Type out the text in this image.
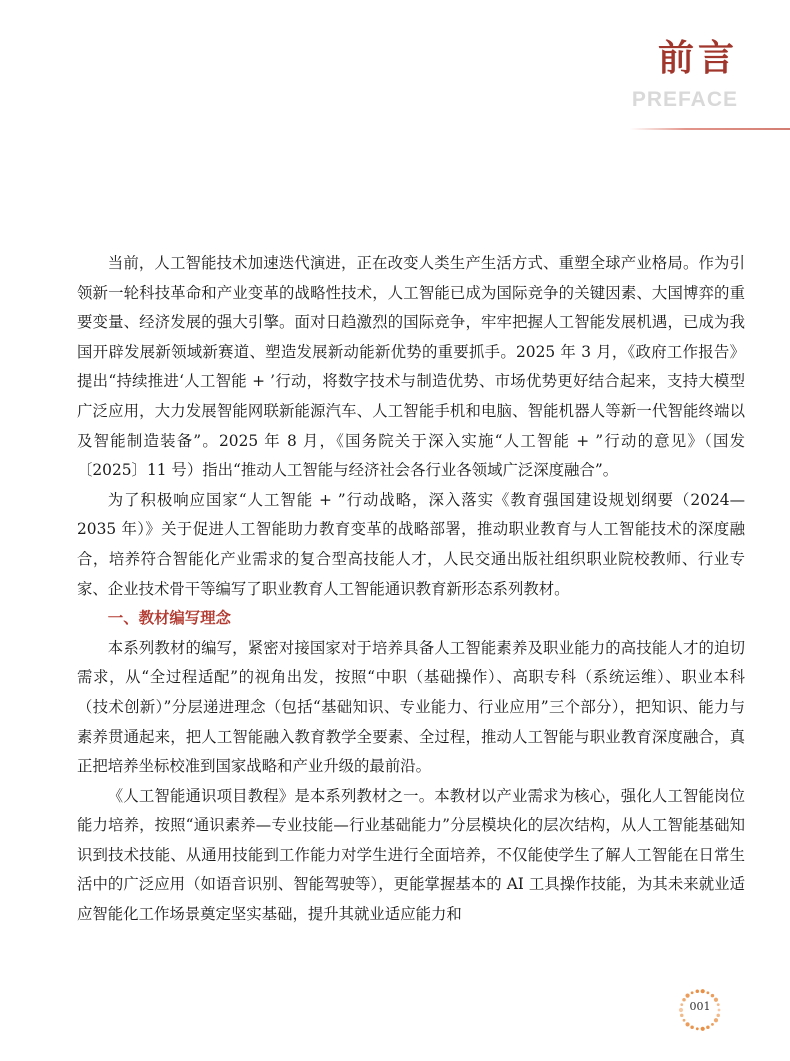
前言
PREFACE

当前，人工智能技术加速迭代演进，正在改变人类生产生活方式、重塑全球产业格局。作为引领新一轮科技革命和产业变革的战略性技术，人工智能已成为国际竞争的关键因素、大国博弈的重要变量、经济发展的强大引擎。面对日趋激烈的国际竞争，牢牢把握人工智能发展机遇，已成为我国开辟发展新领域新赛道、塑造发展新动能新优势的重要抓手。2025 年 3 月，《政府工作报告》提出“持续推进‘人工智能 + ’行动，将数字技术与制造优势、市场优势更好结合起来，支持大模型广泛应用，大力发展智能网联新能源汽车、人工智能手机和电脑、智能机器人等新一代智能终端以及智能制造装备”。2025 年 8 月，《国务院关于深入实施“人工智能 + ”行动的意见》（国发〔2025〕11 号）指出“推动人工智能与经济社会各行业各领域广泛深度融合”。

为了积极响应国家“人工智能 + ”行动战略，深入落实《教育强国建设规划纲要（2024—2035 年）》关于促进人工智能助力教育变革的战略部署，推动职业教育与人工智能技术的深度融合，培养符合智能化产业需求的复合型高技能人才，人民交通出版社组织职业院校教师、行业专家、企业技术骨干等编写了职业教育人工智能通识教育新形态系列教材。

一、教材编写理念

本系列教材的编写，紧密对接国家对于培养具备人工智能素养及职业能力的高技能人才的迫切需求，从“全过程适配”的视角出发，按照“中职（基础操作）、高职专科（系统运维）、职业本科（技术创新）”分层递进理念（包括“基础知识、专业能力、行业应用”三个部分），把知识、能力与素养贯通起来，把人工智能融入教育教学全要素、全过程，推动人工智能与职业教育深度融合，真正把培养坐标校准到国家战略和产业升级的最前沿。

《人工智能通识项目教程》是本系列教材之一。本教材以产业需求为核心，强化人工智能岗位能力培养，按照“通识素养—专业技能—行业基础能力”分层模块化的层次结构，从人工智能基础知识到技术技能、从通用技能到工作能力对学生进行全面培养，不仅能使学生了解人工智能在日常生活中的广泛应用（如语音识别、智能驾驶等），更能掌握基本的 AI 工具操作技能，为其未来就业适应智能化工作场景奠定坚实基础，提升其就业适应能力和

001
